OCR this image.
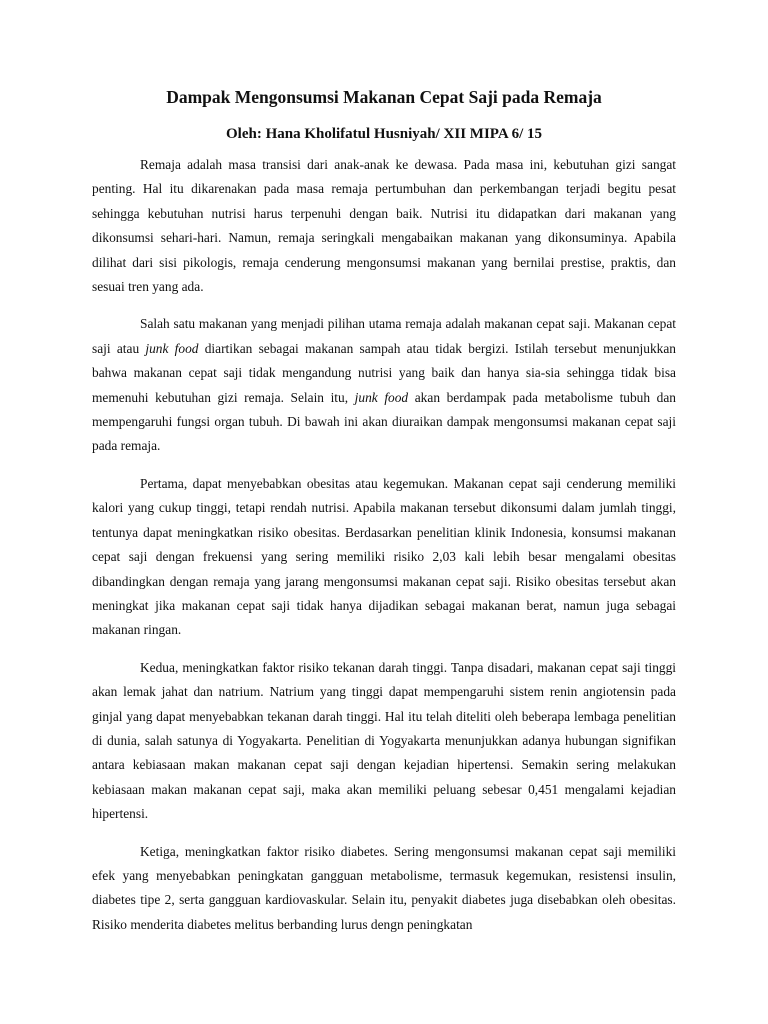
Dampak Mengonsumsi Makanan Cepat Saji pada Remaja
Oleh: Hana Kholifatul Husniyah/ XII MIPA 6/ 15

Remaja adalah masa transisi dari anak-anak ke dewasa. Pada masa ini, kebutuhan gizi sangat penting. Hal itu dikarenakan pada masa remaja pertumbuhan dan perkembangan terjadi begitu pesat sehingga kebutuhan nutrisi harus terpenuhi dengan baik. Nutrisi itu didapatkan dari makanan yang dikonsumsi sehari-hari. Namun, remaja seringkali mengabaikan makanan yang dikonsuminya. Apabila dilihat dari sisi pikologis, remaja cenderung mengonsumsi makanan yang bernilai prestise, praktis, dan sesuai tren yang ada.

Salah satu makanan yang menjadi pilihan utama remaja adalah makanan cepat saji. Makanan cepat saji atau junk food diartikan sebagai makanan sampah atau tidak bergizi. Istilah tersebut menunjukkan bahwa makanan cepat saji tidak mengandung nutrisi yang baik dan hanya sia-sia sehingga tidak bisa memenuhi kebutuhan gizi remaja. Selain itu, junk food akan berdampak pada metabolisme tubuh dan mempengaruhi fungsi organ tubuh. Di bawah ini akan diuraikan dampak mengonsumsi makanan cepat saji pada remaja.

Pertama, dapat menyebabkan obesitas atau kegemukan. Makanan cepat saji cenderung memiliki kalori yang cukup tinggi, tetapi rendah nutrisi. Apabila makanan tersebut dikonsumi dalam jumlah tinggi, tentunya dapat meningkatkan risiko obesitas. Berdasarkan penelitian klinik Indonesia, konsumsi makanan cepat saji dengan frekuensi yang sering memiliki risiko 2,03 kali lebih besar mengalami obesitas dibandingkan dengan remaja yang jarang mengonsumsi makanan cepat saji. Risiko obesitas tersebut akan meningkat jika makanan cepat saji tidak hanya dijadikan sebagai makanan berat, namun juga sebagai makanan ringan.

Kedua, meningkatkan faktor risiko tekanan darah tinggi. Tanpa disadari, makanan cepat saji tinggi akan lemak jahat dan natrium. Natrium yang tinggi dapat mempengaruhi sistem renin angiotensin pada ginjal yang dapat menyebabkan tekanan darah tinggi. Hal itu telah diteliti oleh beberapa lembaga penelitian di dunia, salah satunya di Yogyakarta. Penelitian di Yogyakarta menunjukkan adanya hubungan signifikan antara kebiasaan makan makanan cepat saji dengan kejadian hipertensi. Semakin sering melakukan kebiasaan makan makanan cepat saji, maka akan memiliki peluang sebesar 0,451 mengalami kejadian hipertensi.

Ketiga, meningkatkan faktor risiko diabetes. Sering mengonsumsi makanan cepat saji memiliki efek yang menyebabkan peningkatan gangguan metabolisme, termasuk kegemukan, resistensi insulin, diabetes tipe 2, serta gangguan kardiovaskular. Selain itu, penyakit diabetes juga disebabkan oleh obesitas. Risiko menderita diabetes melitus berbanding lurus dengn peningkatan
